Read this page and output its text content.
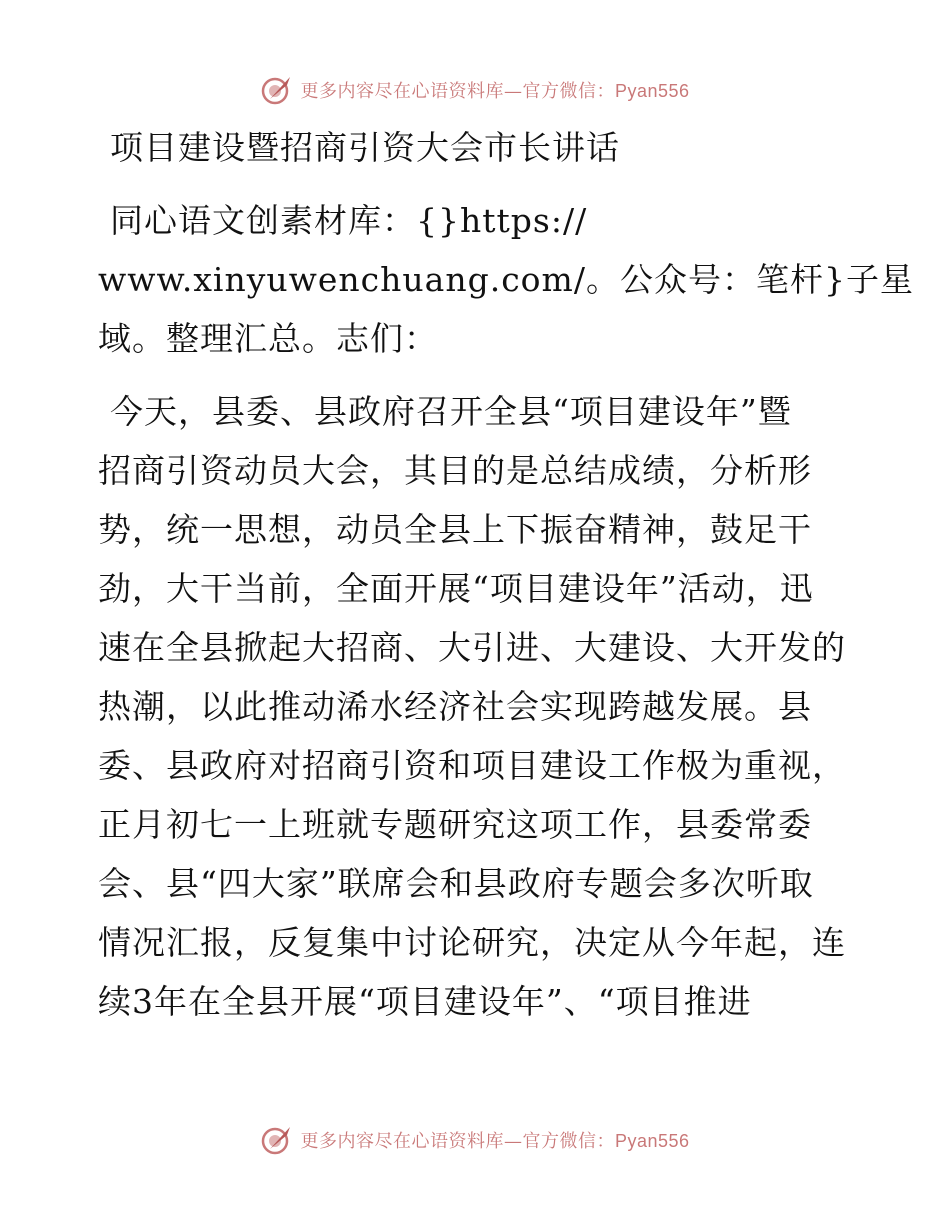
更多内容尽在心语资料库—官方微信：Pyan556
项目建设暨招商引资大会市长讲话
同心语文创素材库：{}https://
www.xinyuwenchuang.com/。公众号：笔杆}子星
域。整理汇总。志们：
今天，县委、县政府召开全县“项目建设年”暨
招商引资动员大会，其目的是总结成绩，分析形
势，统一思想，动员全县上下振奋精神，鼓足干
劲，大干当前，全面开展“项目建设年”活动，迅
速在全县掀起大招商、大引进、大建设、大开发的
热潮，以此推动浠水经济社会实现跨越发展。县
委、县政府对招商引资和项目建设工作极为重视，
正月初七一上班就专题研究这项工作，县委常委
会、县“四大家”联席会和县政府专题会多次听取
情况汇报，反复集中讨论研究，决定从今年起，连
续3年在全县开展“项目建设年”、“项目推进
更多内容尽在心语资料库—官方微信：Pyan556
